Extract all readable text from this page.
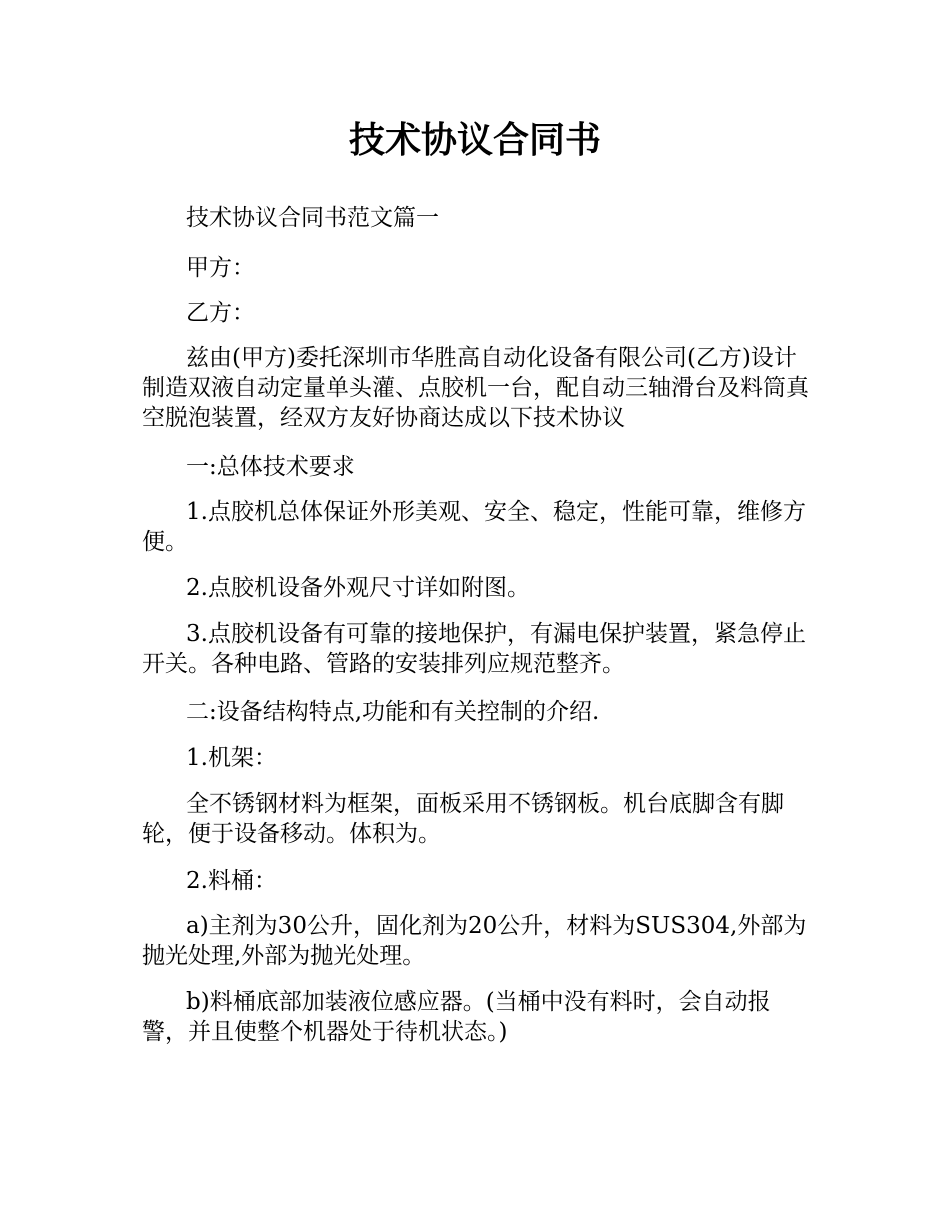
技术协议合同书

技术协议合同书范文篇一

甲方：

乙方：

兹由(甲方)委托深圳市华胜高自动化设备有限公司(乙方)设计制造双液自动定量单头灌、点胶机一台，配自动三轴滑台及料筒真空脱泡装置，经双方友好协商达成以下技术协议

一:总体技术要求

1.点胶机总体保证外形美观、安全、稳定，性能可靠，维修方便。

2.点胶机设备外观尺寸详如附图。

3.点胶机设备有可靠的接地保护，有漏电保护装置，紧急停止开关。各种电路、管路的安装排列应规范整齐。

二:设备结构特点,功能和有关控制的介绍.

1.机架：

全不锈钢材料为框架，面板采用不锈钢板。机台底脚含有脚轮，便于设备移动。体积为。

2.料桶：

a)主剂为30公升，固化剂为20公升，材料为SUS304,外部为抛光处理,外部为抛光处理。

b)料桶底部加装液位感应器。(当桶中没有料时，会自动报警，并且使整个机器处于待机状态。)
